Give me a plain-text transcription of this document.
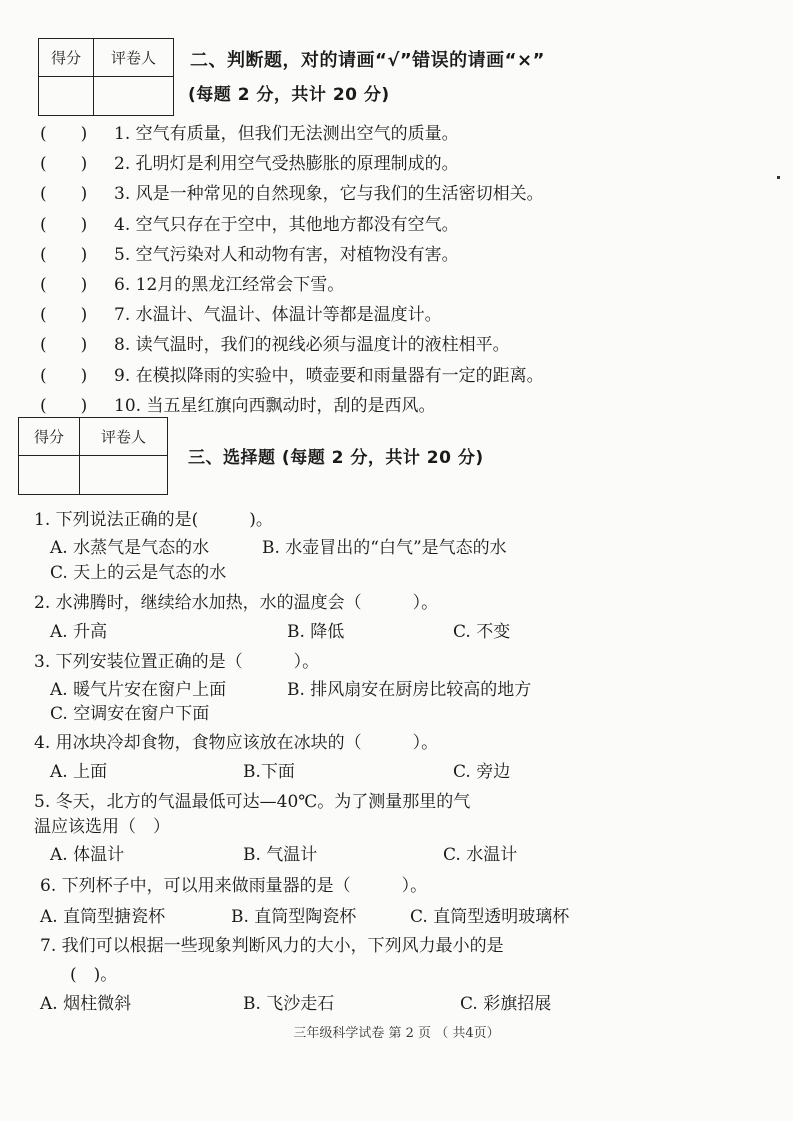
得分	评卷人
	二、判断题，对的请画“√”错误的请画“×”
(每题 2 分，共计 20 分)
(　　)	1. 空气有质量，但我们无法测出空气的质量。
(　　)	2. 孔明灯是利用空气受热膨胀的原理制成的。
(　　)	3. 风是一种常见的自然现象，它与我们的生活密切相关。
(　　)	4. 空气只存在于空中，其他地方都没有空气。
(　　)	5. 空气污染对人和动物有害，对植物没有害。
(　　)	6. 12月的黑龙江经常会下雪。
(　　)	7. 水温计、气温计、体温计等都是温度计。
(　　)	8. 读气温时，我们的视线必须与温度计的液柱相平。
(　　)	9. 在模拟降雨的实验中，喷壶要和雨量器有一定的距离。
(　　)	10. 当五星红旗向西飘动时，刮的是西风。
得分	评卷人

三、选择题 (每题 2 分，共计 20 分)
1. 下列说法正确的是(　　　)。
A. 水蒸气是气态的水	B. 水壶冒出的“白气”是气态的水
C. 天上的云是气态的水
2. 水沸腾时，继续给水加热，水的温度会（　　　）。
A. 升高	B. 降低	C. 不变
3. 下列安装位置正确的是（　　　）。
A. 暖气片安在窗户上面	B. 排风扇安在厨房比较高的地方
C. 空调安在窗户下面
4. 用冰块冷却食物，食物应该放在冰块的（　　　）。
A. 上面	B.下面	C. 旁边
5. 冬天，北方的气温最低可达—40℃。为了测量那里的气
温应该选用（　）
A. 体温计	B. 气温计	C. 水温计
6. 下列杯子中，可以用来做雨量器的是（　　　）。
A. 直筒型搪瓷杯	B. 直筒型陶瓷杯	C. 直筒型透明玻璃杯
7. 我们可以根据一些现象判断风力的大小，下列风力最小的是
(　)。
A. 烟柱微斜	B. 飞沙走石	C. 彩旗招展
三年级科学试卷 第 2 页 （ 共4页）
